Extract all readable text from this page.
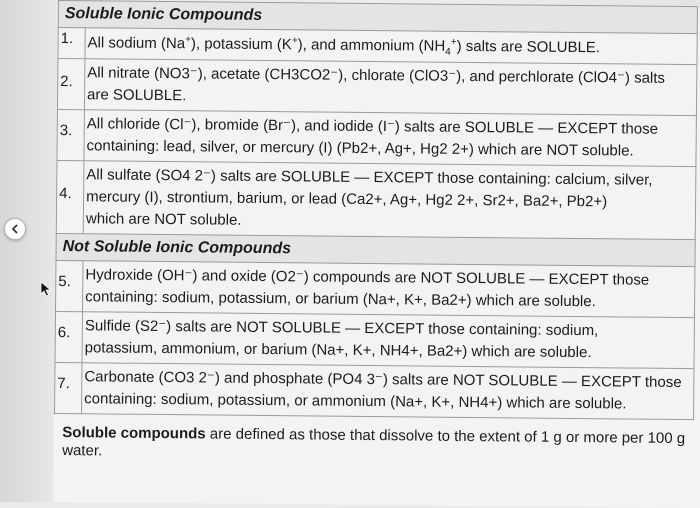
Soluble Ionic Compounds	
1.	All sodium (Na+), potassium (K+), and ammonium $(NH_4^+)$ salts are SOLUBLE.
2.	All nitrate (NO3⁻), acetate (CH3CO2⁻), chlorate (ClO3⁻), and perchlorate (ClO4⁻) salts
are SOLUBLE.

3.	All chloride (Cl⁻), bromide (Br⁻), and iodide (I⁻) salts are SOLUBLE — EXCEPT those
containing: lead, silver, or mercury (I) (Pb2+, Ag+, Hg2 2+) which are NOT soluble.

4.	All sulfate (SO4 2⁻) salts are SOLUBLE — EXCEPT those containing: calcium, silver,
mercury (I), strontium, barium, or lead (Ca2+, Ag+, Hg2 2+, Sr2+, Ba2+, Pb2+)
which are NOT soluble.

Not Soluble Ionic Compounds	
5.	Hydroxide (OH⁻) and oxide (O2⁻) compounds are NOT SOLUBLE — EXCEPT those
containing: sodium, potassium, or barium (Na+, K+, Ba2+) which are soluble.

6.	Sulfide (S2⁻) salts are NOT SOLUBLE — EXCEPT those containing: sodium,
potassium, ammonium, or barium (Na+, K+, NH4+, Ba2+) which are soluble.

7.	Carbonate (CO3 2⁻) and phosphate (PO4 3⁻) salts are NOT SOLUBLE — EXCEPT those
containing: sodium, potassium, or ammonium (Na+, K+, NH4+) which are soluble.

Soluble compounds are defined as those that dissolve to the extent of 1 g or more per 100 g water.	
